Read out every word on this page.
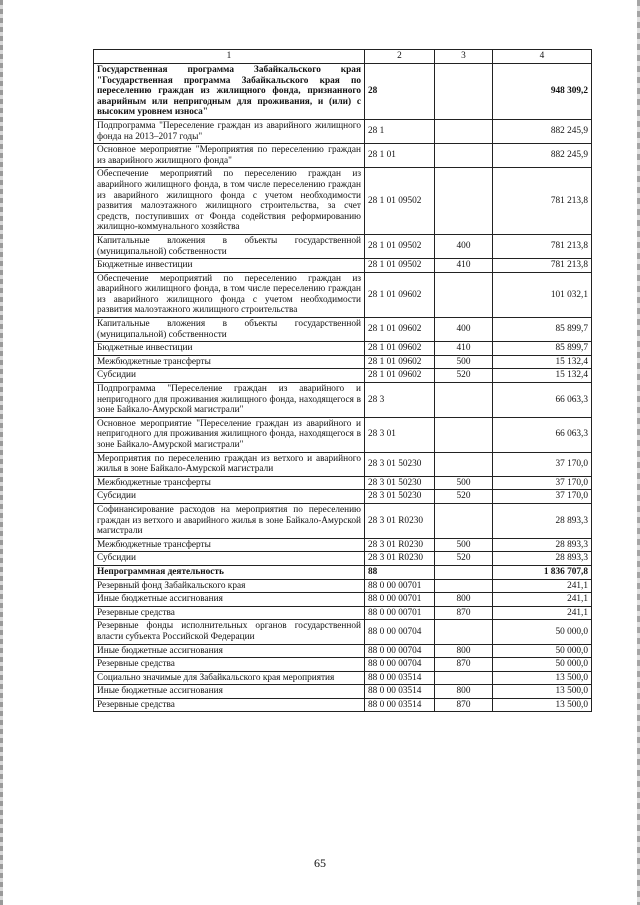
1	2	3	4
Государственная программа Забайкальского края "Государственная программа Забайкальского края по переселению граждан из жилищного фонда, признанного аварийным или непригодным для проживания, и (или) с высоким уровнем износа"	28		948 309,2
Подпрограмма "Переселение граждан из аварийного жилищного фонда на 2013–2017 годы"	28 1		882 245,9
Основное мероприятие "Мероприятия по переселению граждан из аварийного жилищного фонда"	28 1 01		882 245,9
Обеспечение мероприятий по переселению граждан из аварийного жилищного фонда, в том числе переселению граждан из аварийного жилищного фонда с учетом необходимости развития малоэтажного жилищного строительства, за счет средств, поступивших от Фонда содействия реформированию жилищно-коммунального хозяйства	28 1 01 09502		781 213,8
Капитальные вложения в объекты государственной (муниципальной) собственности	28 1 01 09502	400	781 213,8
Бюджетные инвестиции	28 1 01 09502	410	781 213,8
Обеспечение мероприятий по переселению граждан из аварийного жилищного фонда, в том числе переселению граждан из аварийного жилищного фонда с учетом необходимости развития малоэтажного жилищного строительства	28 1 01 09602		101 032,1
Капитальные вложения в объекты государственной (муниципальной) собственности	28 1 01 09602	400	85 899,7
Бюджетные инвестиции	28 1 01 09602	410	85 899,7
Межбюджетные трансферты	28 1 01 09602	500	15 132,4
Субсидии	28 1 01 09602	520	15 132,4
Подпрограмма "Переселение граждан из аварийного и непригодного для проживания жилищного фонда, находящегося в зоне Байкало-Амурской магистрали"	28 3		66 063,3
Основное мероприятие "Переселение граждан из аварийного и непригодного для проживания жилищного фонда, находящегося в зоне Байкало-Амурской магистрали"	28 3 01		66 063,3
Мероприятия по переселению граждан из ветхого и аварийного жилья в зоне Байкало-Амурской магистрали	28 3 01 50230		37 170,0
Межбюджетные трансферты	28 3 01 50230	500	37 170,0
Субсидии	28 3 01 50230	520	37 170,0
Софинансирование расходов на мероприятия по переселению граждан из ветхого и аварийного жилья в зоне Байкало-Амурской магистрали	28 3 01 R0230		28 893,3
Межбюджетные трансферты	28 3 01 R0230	500	28 893,3
Субсидии	28 3 01 R0230	520	28 893,3
Непрограммная деятельность	88		1 836 707,8
Резервный фонд Забайкальского края	88 0 00 00701		241,1
Иные бюджетные ассигнования	88 0 00 00701	800	241,1
Резервные средства	88 0 00 00701	870	241,1
Резервные фонды исполнительных органов государственной власти субъекта Российской Федерации	88 0 00 00704		50 000,0
Иные бюджетные ассигнования	88 0 00 00704	800	50 000,0
Резервные средства	88 0 00 00704	870	50 000,0
Социально значимые для Забайкальского края мероприятия	88 0 00 03514		13 500,0
Иные бюджетные ассигнования	88 0 00 03514	800	13 500,0
Резервные средства	88 0 00 03514	870	13 500,0
65
